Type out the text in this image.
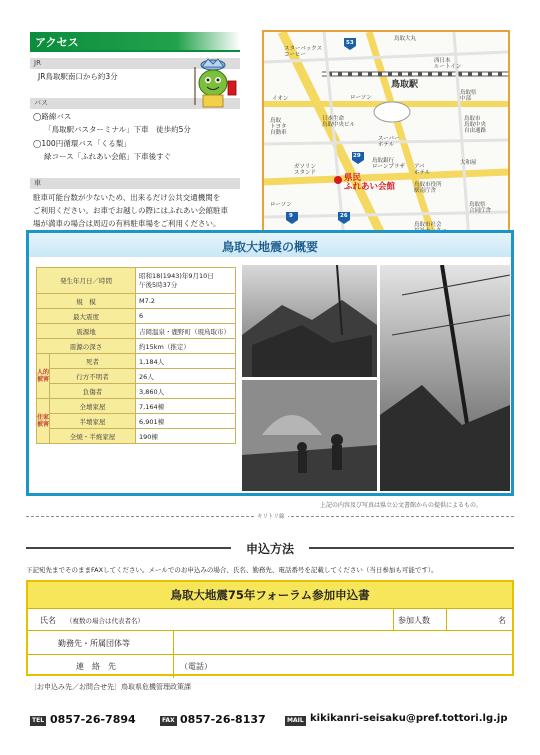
アクセス
JR
JR鳥取駅南口から約3分
バス
◯路線バス
「鳥取駅バスターミナル」下車　徒歩約5分
◯100円循環バス「くる梨」
緑コース「ふれあい会館」下車後すぐ
車
駐車可能台数が少ないため、出来るだけ公共交通機関を
ご利用ください。お車でお越しの際にはふれあい会館駐車
場が満車の場合は周辺の有料駐車場をご利用ください。
スターバックス
コーヒー
53
鳥取大丸
鳥取駅
イオン	ローソン
日本生命
鳥取中央ビル
鳥取
トヨタ
自動車
ガソリン
スタンド
ローソン
スーパー
ホテル
鳥取銀行
ローンプラザ
29
県民
ふれあい会館
9
アパ
ホテル
鳥取市役所
駅南庁舎
鳥取市社会

西日本
ルートイン
鳥取県
中部
26
大和屋
鳥取県
合同庁舎
鳥取市
鳥取中央
自由通路
鳥取大地震の概要
発生年月日／時間		昭和18(1943)年9月10日
午後5時37分
規　模		M7.2
最大震度		6
震源地		吉岡温泉・鹿野町（現鳥取市）
震源の深さ		約15km（推定）
人的被害	死者	1,184人
	行方不明者	26人
	負傷者	3,860人
住家被害	全壊家屋	7,164棟
	半壊家屋	6,901棟
	全焼・半焼家屋	190棟
上記の内容及び写真は県立公文書館からの提供によるもの。
キリトリ線
申込方法
下記宛先までそのままFAXしてください。メールでのお申込みの場合、氏名、勤務先、電話番号を記載してください（当日参加も可能です）。
鳥取大地震75年フォーラム参加申込書
氏名 （複数の場合は代表者名）	参加人数	名
勤務先・所属団体等
連　絡　先	（電話）
〔お申込み先／お問合せ先〕鳥取県危機管理政策課
TEL 0857-26-7894	FAX 0857-26-8137	MAIL kikikanri-seisaku@pref.tottori.lg.jp
